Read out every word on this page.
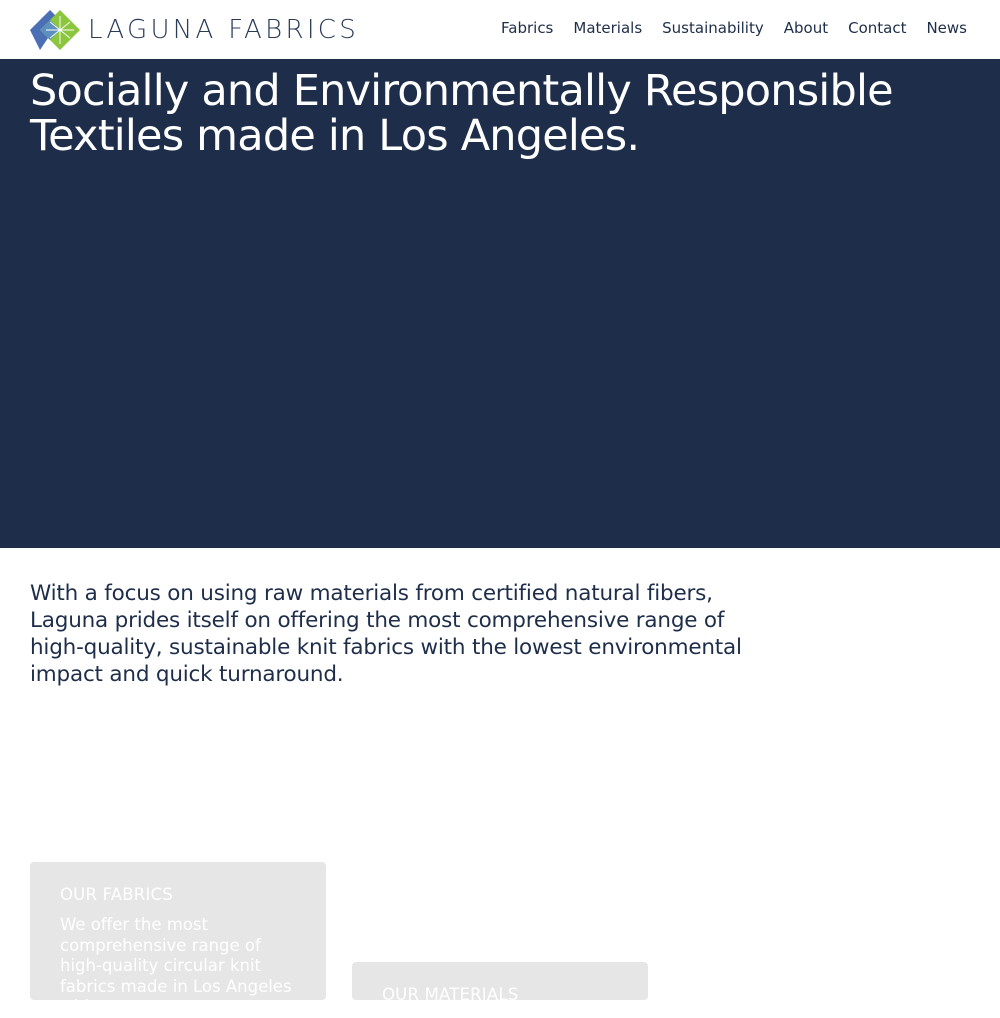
LAGUNA FABRICS	Fabrics Materials Sustainability About Contact News
Socially and Environmentally Responsible Textiles made in Los Angeles.

With a focus on using raw materials from certified natural fibers, Laguna prides itself on offering the most comprehensive range of high-quality, sustainable knit fabrics with the lowest environmental impact and quick turnaround.

OUR FABRICS
We offer the most comprehensive range of high-quality circular knit fabrics made in Los Angeles with
OUR MATERIALS
